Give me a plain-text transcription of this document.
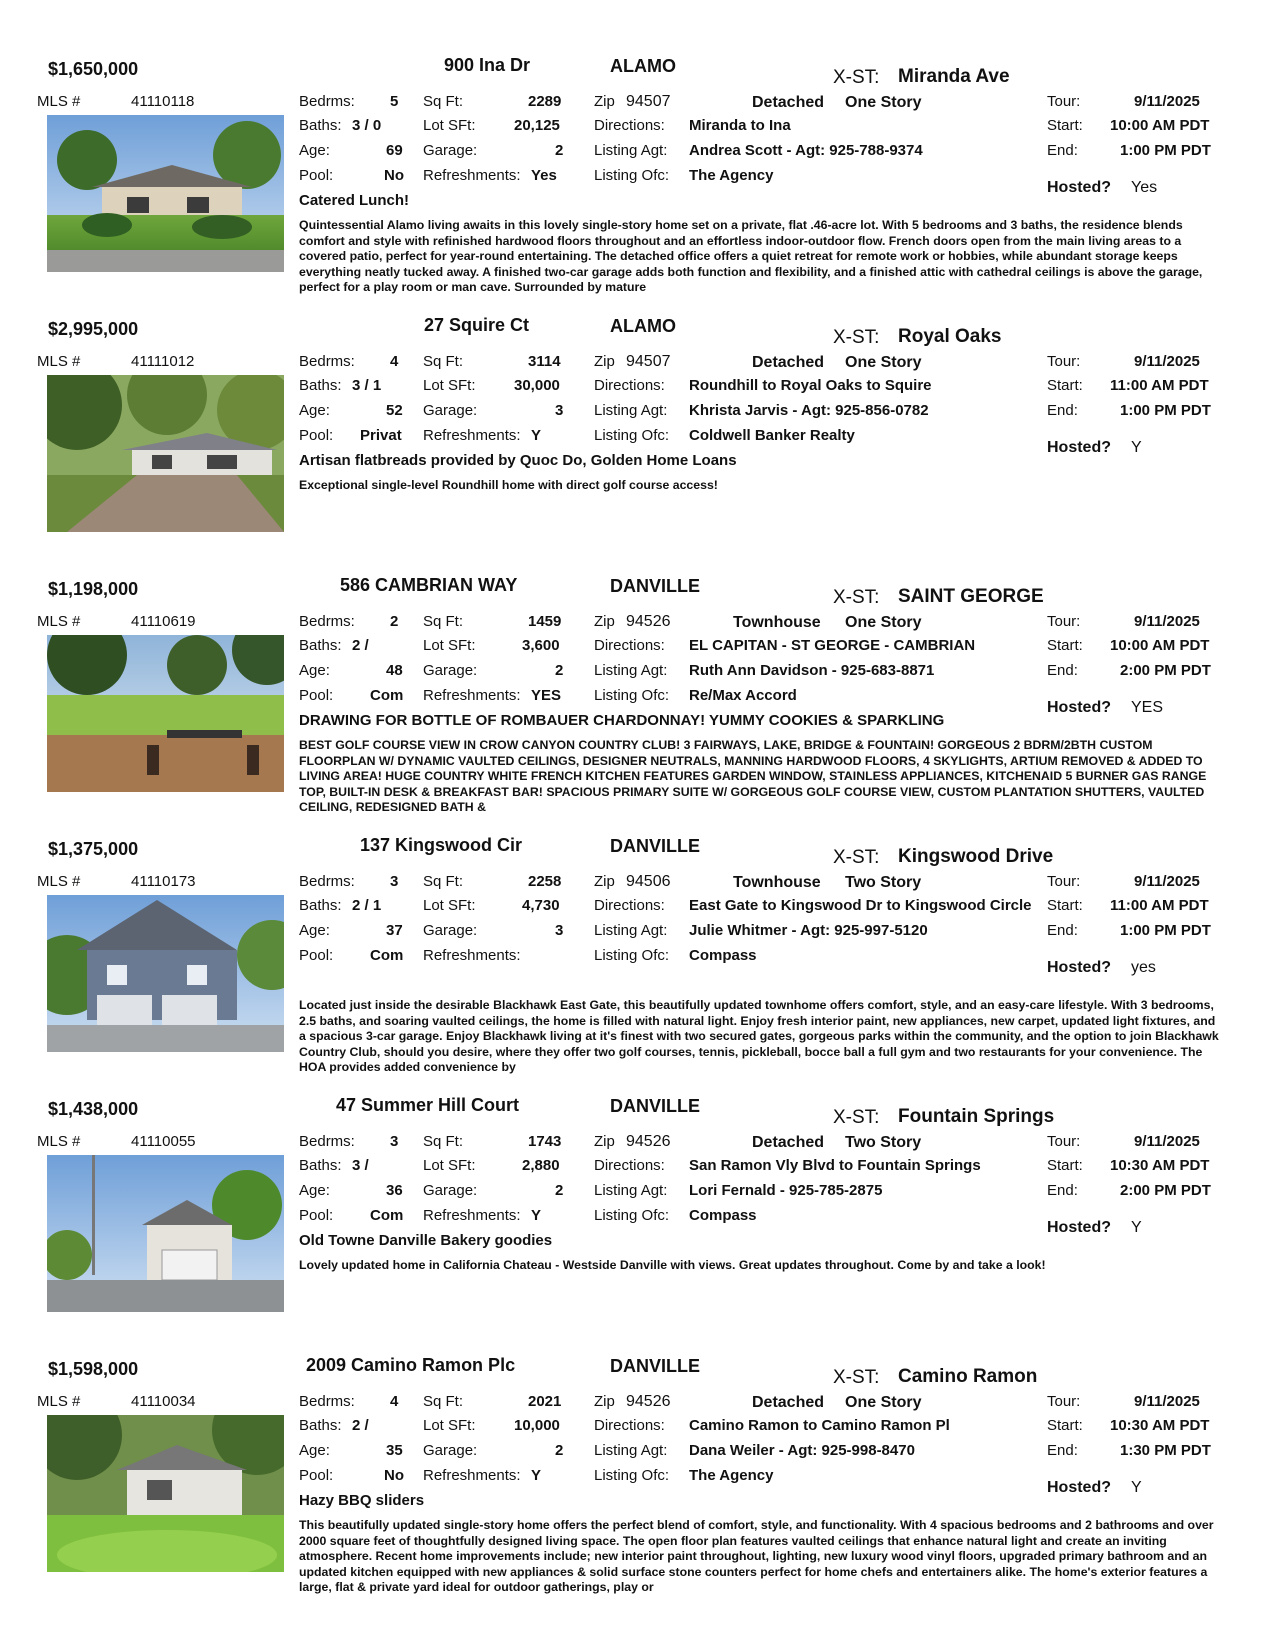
$1,650,000	900 Ina Dr	ALAMO
X-ST: Miranda Ave
MLS #	41110118	Bedrms: 5
Baths: 3 / 0
Age:	69
Pool:	No
Sq Ft:	2289
Lot SFt:	20,125
Garage:	2
Refreshments: Yes
Zip 94507	Detached One Story
Directions: Miranda to Ina
Listing Agt: Andrea Scott - Agt: 925-788-9374
Listing Ofc: The Agency
Tour:	9/11/2025
Start: 10:00 AM PDT
End:	1:00 PM PDT
Hosted? Yes
Catered Lunch!
Quintessential Alamo living awaits in this lovely single-story home set on a private, flat .46-acre lot. With 5 bedrooms and 3 baths, the residence blends comfort and style with refinished hardwood floors throughout and an effortless indoor-outdoor flow. French doors open from the main living areas to a covered patio, perfect for year-round entertaining. The detached office offers a quiet retreat for remote work or hobbies, while abundant storage keeps everything neatly tucked away. A finished two-car garage adds both function and flexibility, and a finished attic with cathedral ceilings is above the garage, perfect for a play room or man cave. Surrounded by mature
$2,995,000	27 Squire Ct	ALAMO
X-ST: Royal Oaks
MLS #	41111012	Bedrms: 4
Baths: 3 / 1
Age:	52
Pool: Privat
Sq Ft:	3114
Lot SFt:	30,000
Garage:	3
Refreshments: Y
Zip 94507	Detached One Story
Directions: Roundhill to Royal Oaks to Squire
Listing Agt: Khrista Jarvis - Agt: 925-856-0782
Listing Ofc: Coldwell Banker Realty
Tour:	9/11/2025
Start: 11:00 AM PDT
End:	1:00 PM PDT
Hosted? Y
Artisan flatbreads provided by Quoc Do, Golden Home Loans
Exceptional single-level Roundhill home with direct golf course access!
$1,198,000	586 CAMBRIAN WAY	DANVILLE
X-ST: SAINT GEORGE
MLS #	41110619	Bedrms: 2
Baths: 2 /
Age:	48
Pool: Com
Sq Ft:	1459
Lot SFt:	3,600
Garage:	2
Refreshments: YES
Zip 94526	Townhouse One Story
Directions: EL CAPITAN - ST GEORGE - CAMBRIAN
Listing Agt: Ruth Ann Davidson - 925-683-8871
Listing Ofc: Re/Max Accord
Tour:	9/11/2025
Start: 10:00 AM PDT
End:	2:00 PM PDT
Hosted? YES
DRAWING FOR BOTTLE OF ROMBAUER CHARDONNAY! YUMMY COOKIES & SPARKLING
BEST GOLF COURSE VIEW IN CROW CANYON COUNTRY CLUB! 3 FAIRWAYS, LAKE, BRIDGE & FOUNTAIN! GORGEOUS 2 BDRM/2BTH CUSTOM FLOORPLAN W/ DYNAMIC VAULTED CEILINGS, DESIGNER NEUTRALS, MANNING HARDWOOD FLOORS, 4 SKYLIGHTS, ARTIUM REMOVED & ADDED TO LIVING AREA! HUGE COUNTRY WHITE FRENCH KITCHEN FEATURES GARDEN WINDOW, STAINLESS APPLIANCES, KITCHENAID 5 BURNER GAS RANGE TOP, BUILT-IN DESK & BREAKFAST BAR! SPACIOUS PRIMARY SUITE W/ GORGEOUS GOLF COURSE VIEW, CUSTOM PLANTATION SHUTTERS, VAULTED CEILING, REDESIGNED BATH &
$1,375,000	137 Kingswood Cir	DANVILLE
X-ST: Kingswood Drive
MLS #	41110173	Bedrms: 3
Baths: 2 / 1
Age:	37
Pool: Com
Sq Ft:	2258
Lot SFt:	4,730
Garage:	3
Refreshments:
Zip 94506	Townhouse Two Story
Directions: East Gate to Kingswood Dr to Kingswood Circle
Listing Agt: Julie Whitmer - Agt: 925-997-5120
Listing Ofc: Compass
Tour:	9/11/2025
Start: 11:00 AM PDT
End:	1:00 PM PDT
Hosted? yes
Located just inside the desirable Blackhawk East Gate, this beautifully updated townhome offers comfort, style, and an easy-care lifestyle. With 3 bedrooms, 2.5 baths, and soaring vaulted ceilings, the home is filled with natural light. Enjoy fresh interior paint, new appliances, new carpet, updated light fixtures, and a spacious 3-car garage. Enjoy Blackhawk living at it's finest with two secured gates, gorgeous parks within the community, and the option to join Blackhawk Country Club, should you desire, where they offer two golf courses, tennis, pickleball, bocce ball a full gym and two restaurants for your convenience. The HOA provides added convenience by
$1,438,000	47 Summer Hill Court	DANVILLE
X-ST: Fountain Springs
MLS #	41110055	Bedrms: 3
Baths: 3 /
Age:	36
Pool: Com
Sq Ft:	1743
Lot SFt:	2,880
Garage:	2
Refreshments: Y
Zip 94526	Detached Two Story
Directions: San Ramon Vly Blvd to Fountain Springs
Listing Agt: Lori Fernald - 925-785-2875
Listing Ofc: Compass
Tour:	9/11/2025
Start: 10:30 AM PDT
End:	2:00 PM PDT
Hosted? Y
Old Towne Danville Bakery goodies
Lovely updated home in California Chateau - Westside Danville with views. Great updates throughout. Come by and take a look!
$1,598,000	2009 Camino Ramon Plc	DANVILLE
X-ST: Camino Ramon
MLS #	41110034	Bedrms: 4
Baths: 2 /
Age:	35
Pool:	No
Sq Ft:	2021
Lot SFt:	10,000
Garage:	2
Refreshments: Y
Zip 94526	Detached One Story
Directions: Camino Ramon to Camino Ramon Pl
Listing Agt: Dana Weiler - Agt: 925-998-8470
Listing Ofc: The Agency
Tour:	9/11/2025
Start: 10:30 AM PDT
End:	1:30 PM PDT
Hosted? Y
Hazy BBQ sliders
This beautifully updated single-story home offers the perfect blend of comfort, style, and functionality. With 4 spacious bedrooms and 2 bathrooms and over 2000 square feet of thoughtfully designed living space. The open floor plan features vaulted ceilings that enhance natural light and create an inviting atmosphere. Recent home improvements include; new interior paint throughout, lighting, new luxury wood vinyl floors, upgraded primary bathroom and an updated kitchen equipped with new appliances & solid surface stone counters perfect for home chefs and entertainers alike. The home's exterior features a large, flat & private yard ideal for outdoor gatherings, play or
